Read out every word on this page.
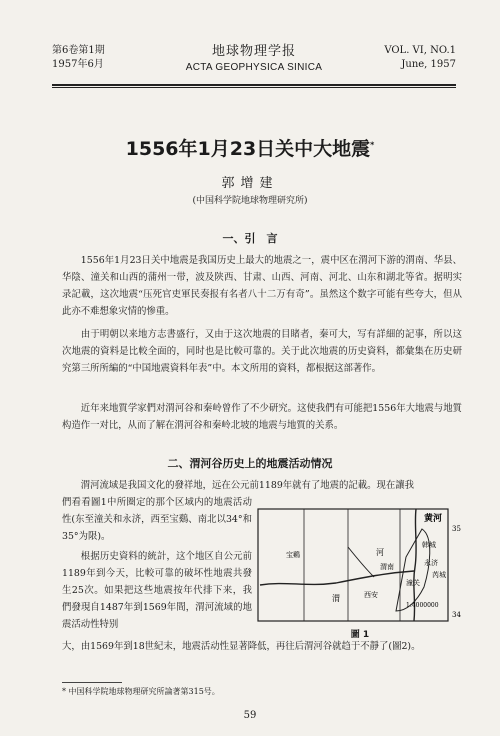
第6卷第1期
1957年6月
地球物理学报
ACTA GEOPHYSICA SINICA
VOL. VI, NO.1
June, 1957
1556年1月23日关中大地震*
郭增建
(中国科学院地球物理研究所)
一、引　言

1556年1月23日关中地震是我国历史上最大的地震之一，震中区在渭河下游的渭南、华县、华陰、潼关和山西的蒲州一带，波及陕西、甘肃、山西、河南、河北、山东和湖北等省。据明实录記載，这次地震“压死官吏軍民奏报有名者八十二万有奇”。虽然这个数字可能有些夸大，但从此亦不难想象灾情的惨重。

由于明朝以来地方志書盛行，又由于这次地震的目睹者，秦可大，写有詳細的記事，所以这次地震的資料是比較全面的，同时也是比較可靠的。关于此次地震的历史資料，都彙集在历史研究第三所所編的“中国地震資料年表”中。本文所用的資料，都根据这部著作。

近年来地質学家們对渭河谷和秦岭曾作了不少研究。这使我們有可能把1556年大地震与地質构造作一对比，从而了解在渭河谷和秦岭北坡的地震与地質的关系。

二、渭河谷历史上的地震活动情况

渭河流域是我国文化的發祥地，远在公元前1189年就有了地震的記載。现在讓我

們看看圖1中所圈定的那个区域内的地震活动性(东至潼关和永济，西至宝鷄、南北以34°和35°为限)。

根据历史資料的統計，这个地区自公元前1189年到今天，比較可靠的破坏性地震共發生25次。如果把这些地震按年代排下来，我們發現自1487年到1569年間，渭河流域的地震活动性特别

大，由1569年到18世紀末，地震活动性显著降低，再往后渭河谷就趋于不靜了(圖2)。

黄河
宝鷄
渭
河
西安
渭南
潼关
永济
韩城
芮城
35
34
1:4000000
圖 1
* 中国科学院地球物理研究所論著第315号。
59
